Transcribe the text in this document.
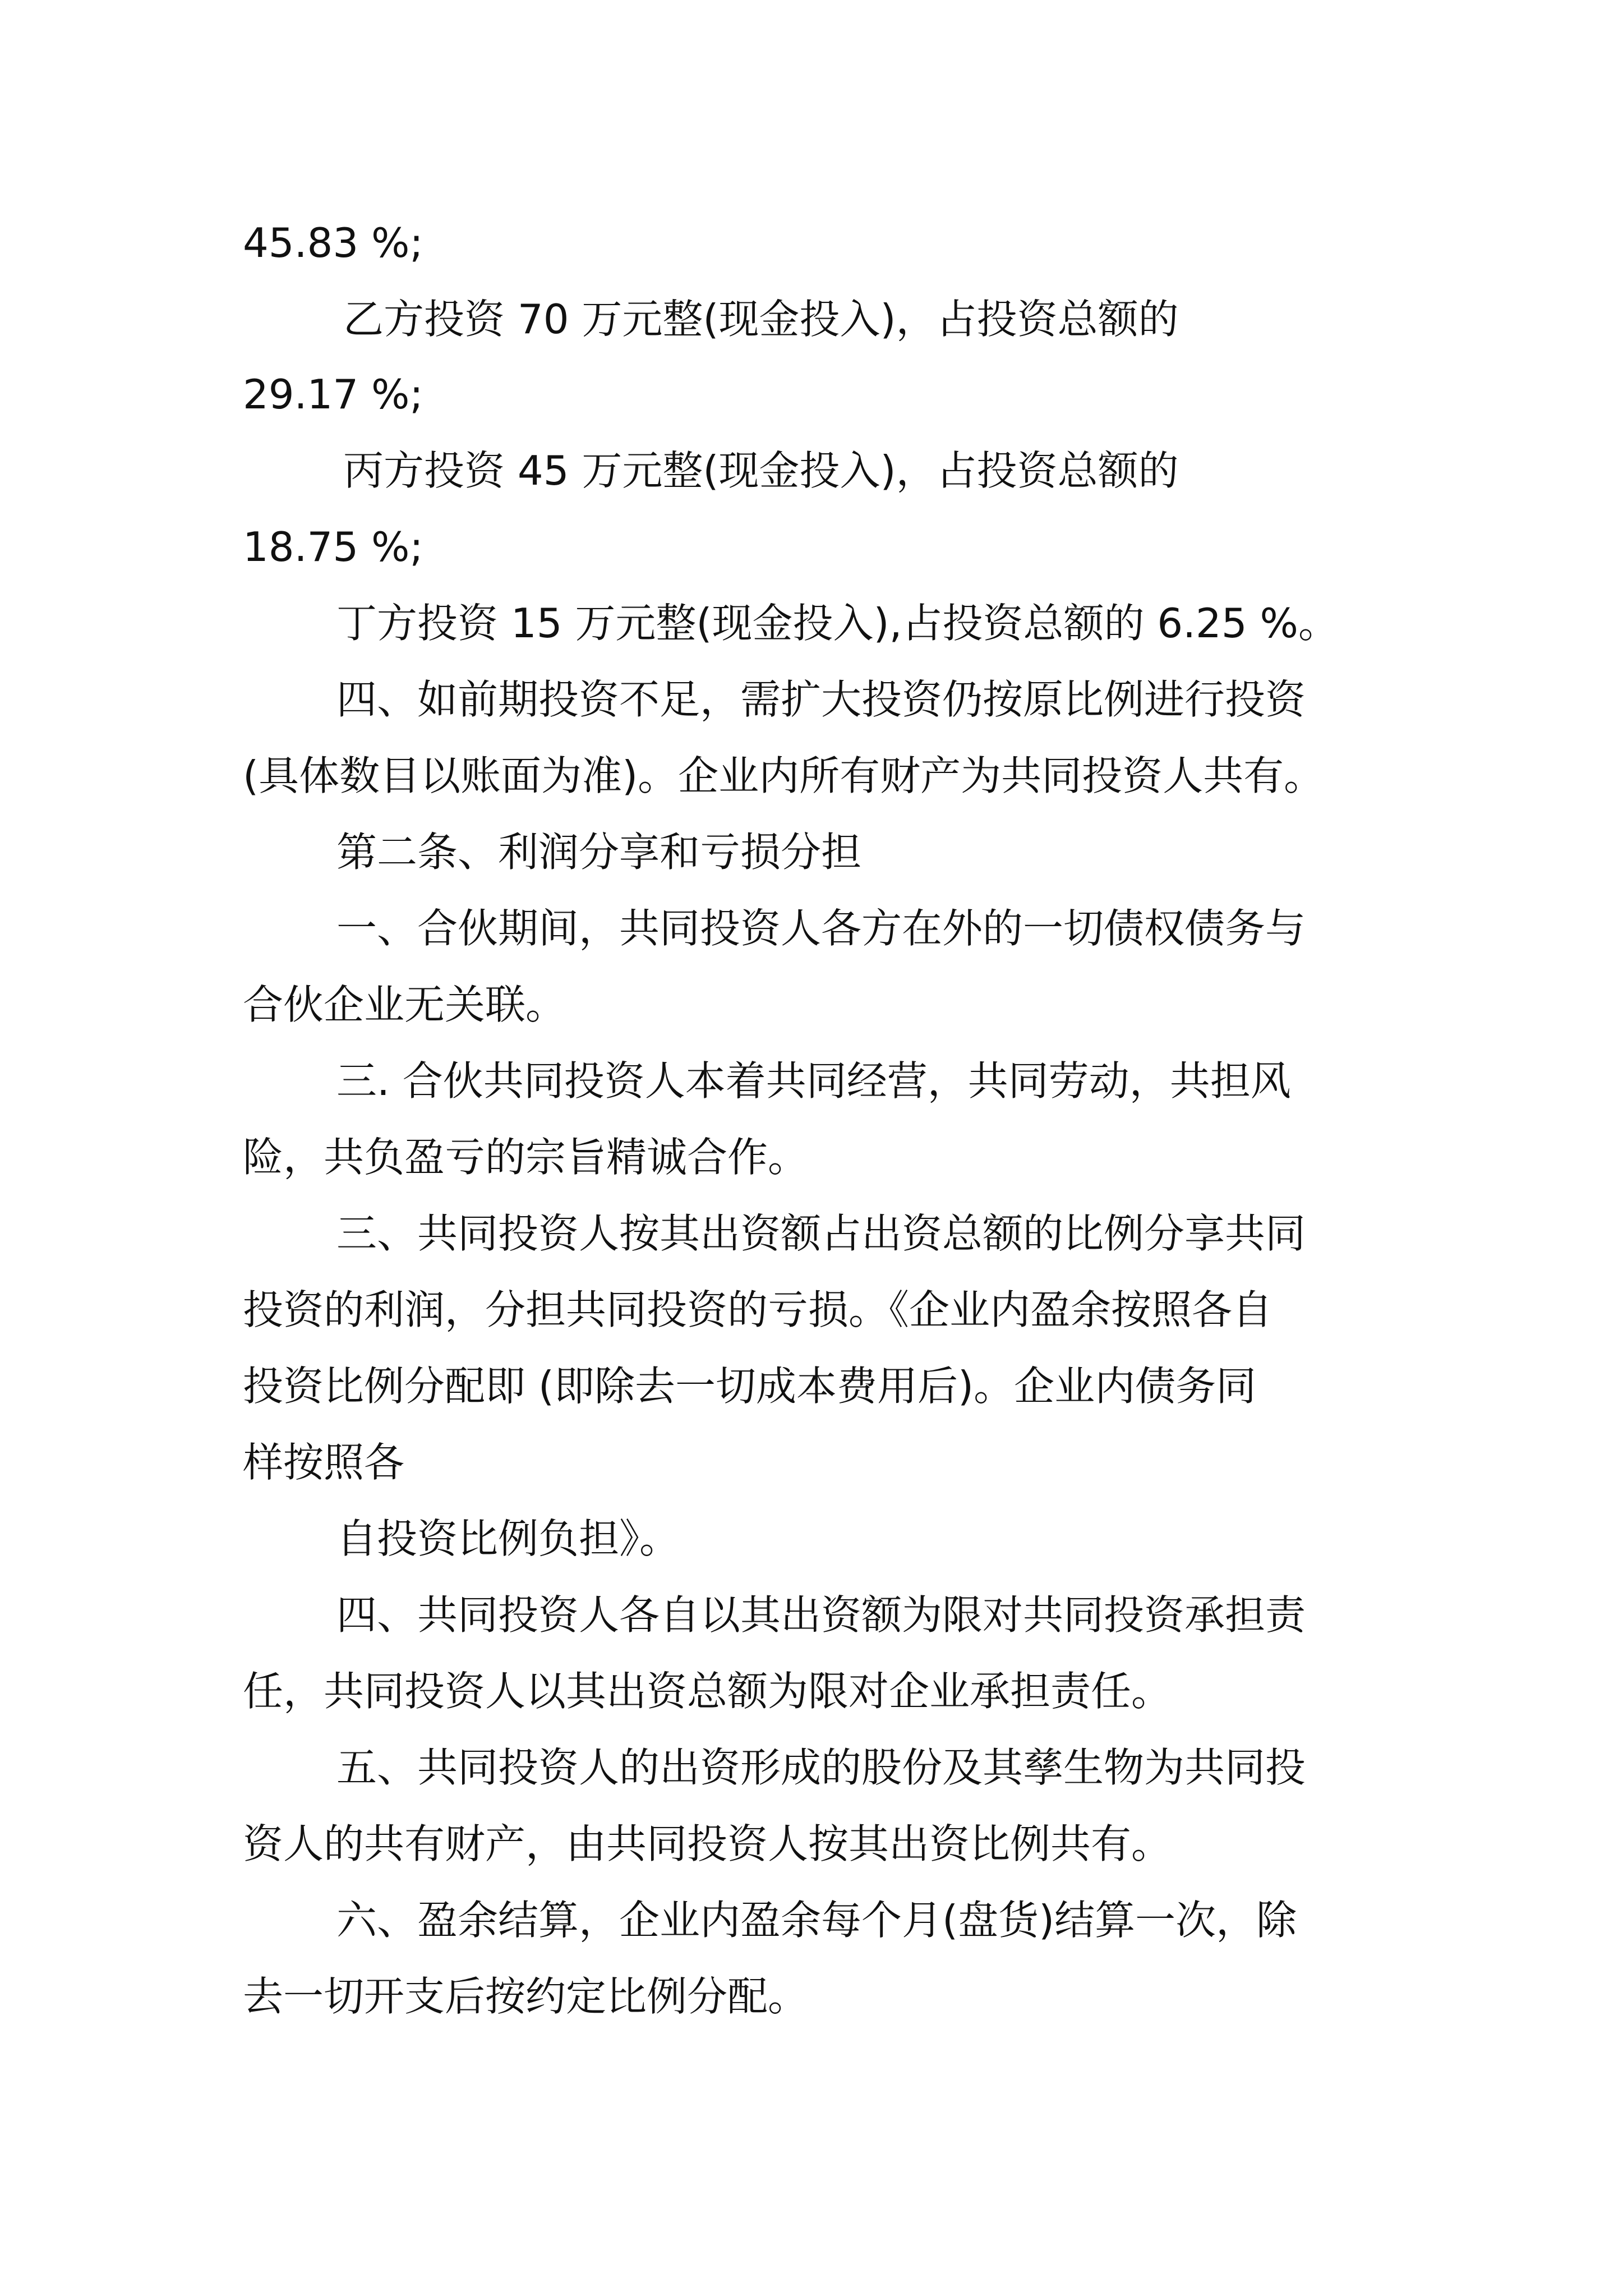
45.83 %;
乙方投资 70 万元整(现金投入)，占投资总额的
29.17 %;
丙方投资 45 万元整(现金投入)，占投资总额的
18.75 %;
丁方投资 15 万元整(现金投入),占投资总额的 6.25 %。
四、如前期投资不足，需扩大投资仍按原比例进行投资
(具体数目以账面为准)。企业内所有财产为共同投资人共有。
第二条、利润分享和亏损分担
一、合伙期间，共同投资人各方在外的一切债权债务与
合伙企业无关联。
三. 合伙共同投资人本着共同经营，共同劳动，共担风
险，共负盈亏的宗旨精诚合作。
三、共同投资人按其出资额占出资总额的比例分享共同
投资的利润，分担共同投资的亏损。《企业内盈余按照各自
投资比例分配即 (即除去一切成本费用后)。企业内债务同
样按照各
自投资比例负担》。
四、共同投资人各自以其出资额为限对共同投资承担责
任，共同投资人以其出资总额为限对企业承担责任。
五、共同投资人的出资形成的股份及其孳生物为共同投
资人的共有财产，由共同投资人按其出资比例共有。
六、盈余结算，企业内盈余每个月(盘货)结算一次，除
去一切开支后按约定比例分配。
